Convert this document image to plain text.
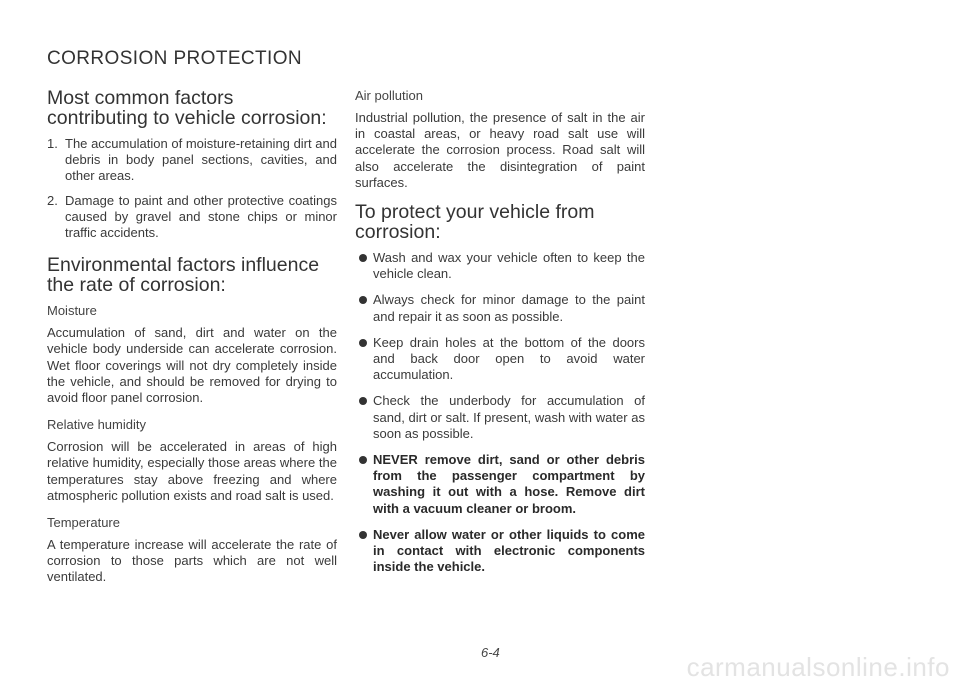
CORROSION PROTECTION
Most common factors contributing to vehicle corrosion:
1. The accumulation of moisture-retaining dirt and debris in body panel sections, cavities, and other areas.
2. Damage to paint and other protective coatings caused by gravel and stone chips or minor traffic accidents.
Environmental factors influence the rate of corrosion:
Moisture

Accumulation of sand, dirt and water on the vehicle body underside can accelerate corrosion. Wet floor coverings will not dry completely inside the vehicle, and should be removed for drying to avoid floor panel corrosion.

Relative humidity

Corrosion will be accelerated in areas of high relative humidity, especially those areas where the temperatures stay above freezing and where atmospheric pollution exists and road salt is used.

Temperature

A temperature increase will accelerate the rate of corrosion to those parts which are not well ventilated.

Air pollution

Industrial pollution, the presence of salt in the air in coastal areas, or heavy road salt use will accelerate the corrosion process. Road salt will also accelerate the disintegration of paint surfaces.

To protect your vehicle from corrosion:
Wash and wax your vehicle often to keep the vehicle clean.
Always check for minor damage to the paint and repair it as soon as possible.
Keep drain holes at the bottom of the doors and back door open to avoid water accumulation.
Check the underbody for accumulation of sand, dirt or salt. If present, wash with water as soon as possible.
NEVER remove dirt, sand or other debris from the passenger compartment by washing it out with a hose. Remove dirt with a vacuum cleaner or broom.
Never allow water or other liquids to come in contact with electronic components inside the vehicle.
6-4	carmanualsonline.info
